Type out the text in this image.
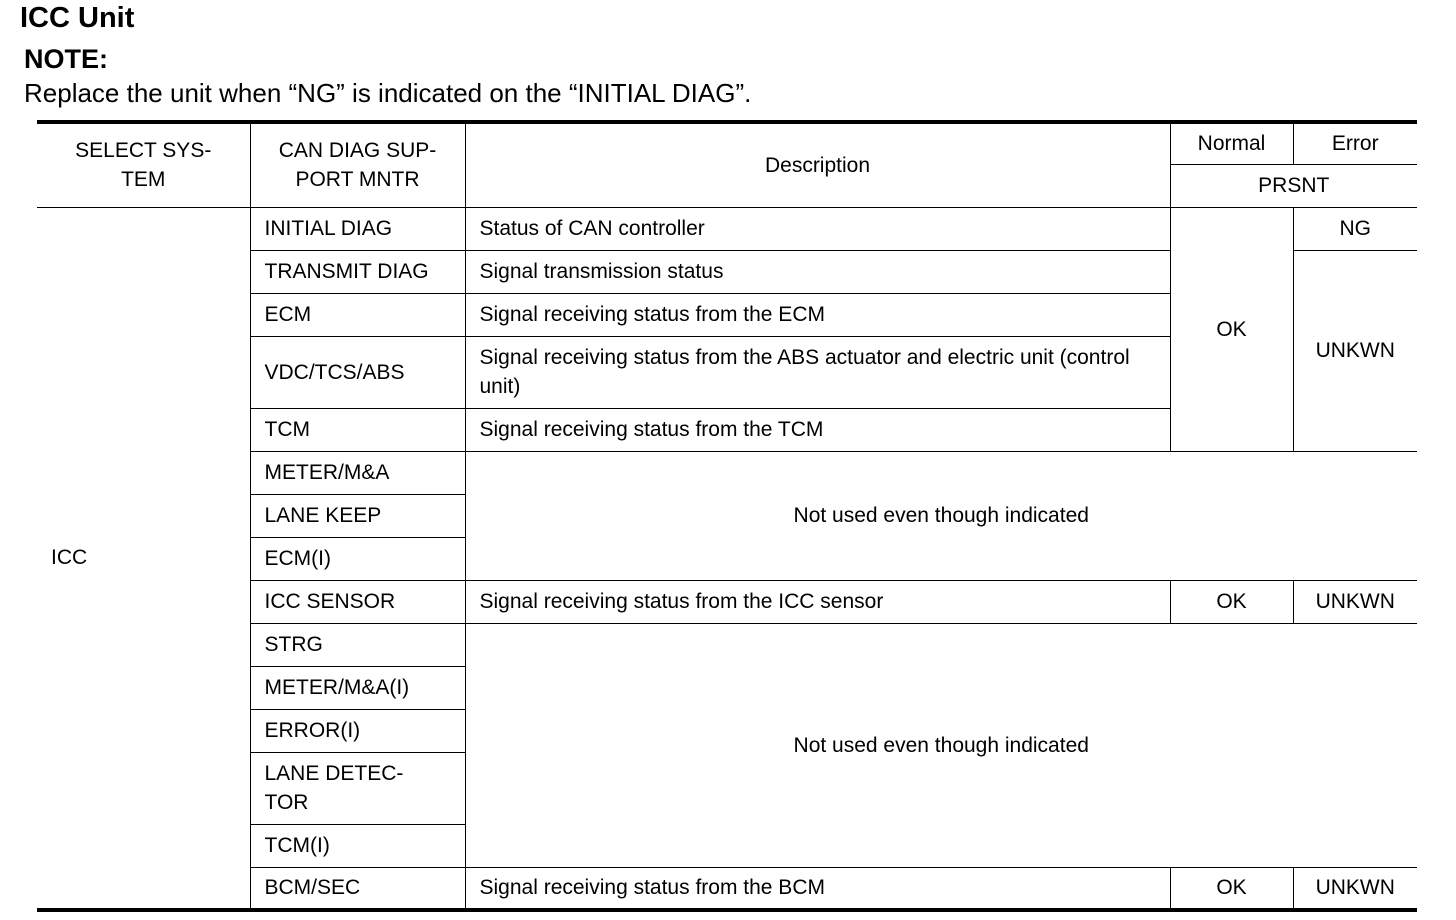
ICC Unit
NOTE:
Replace the unit when “NG” is indicated on the “INITIAL DIAG”.
SELECT SYS- TEM	CAN DIAG SUP- PORT MNTR	Description	Normal	Error
			PRSNT	
ICC	INITIAL DIAG	Status of CAN controller	OK	NG
	TRANSMIT DIAG	Signal transmission status		UNKWN
	ECM	Signal receiving status from the ECM		
	VDC/TCS/ABS	Signal receiving status from the ABS actuator and electric unit (control unit)		
	TCM	Signal receiving status from the TCM		
	METER/M&A	Not used even though indicated		
	LANE KEEP			
	ECM(I)			
	ICC SENSOR	Signal receiving status from the ICC sensor	OK	UNKWN
	STRG	Not used even though indicated		
	METER/M&A(I)			
	ERROR(I)			
	LANE DETEC- TOR			
	TCM(I)			
	BCM/SEC	Signal receiving status from the BCM	OK	UNKWN
